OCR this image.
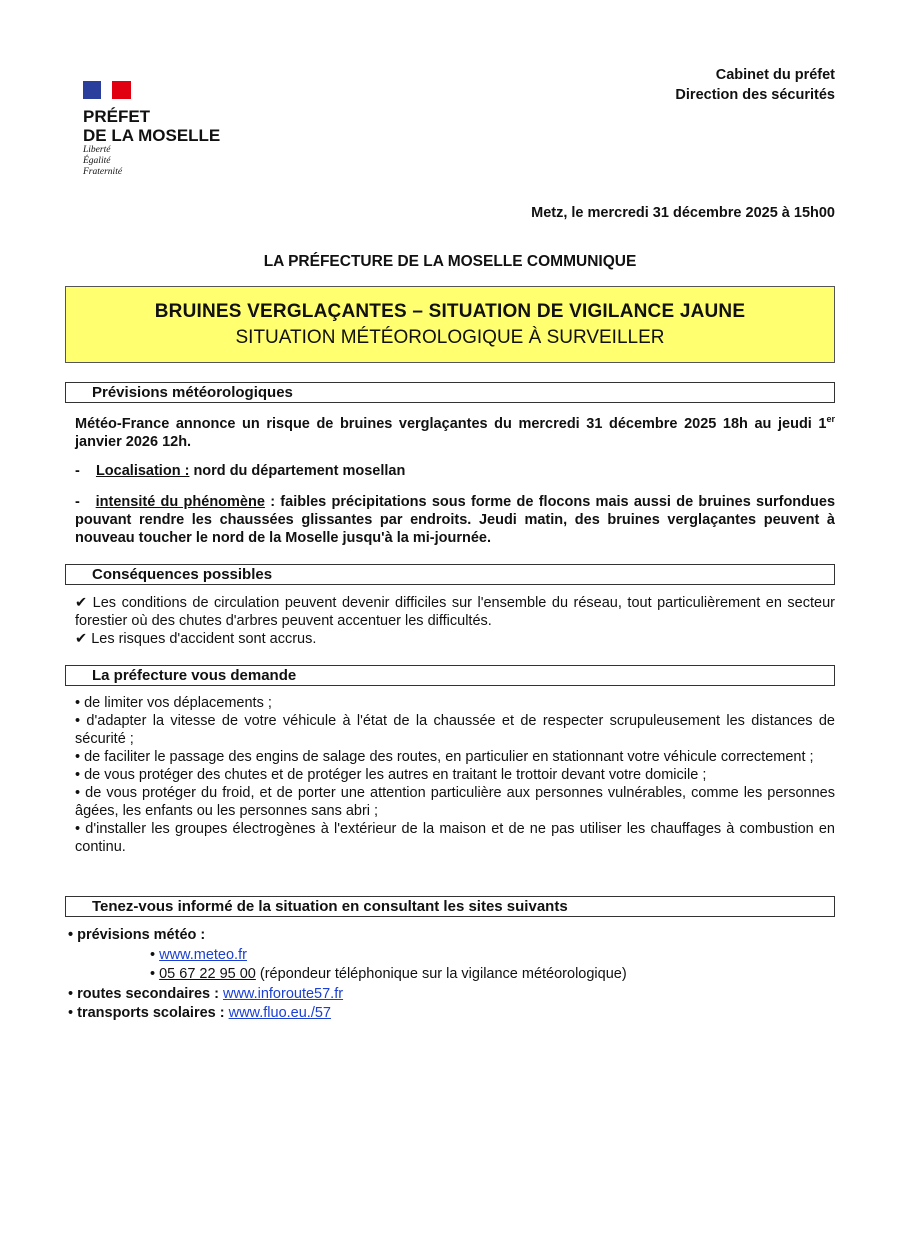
PRÉFET
DE LA MOSELLE
Liberté
Égalité
Fraternité
Cabinet du préfet
Direction des sécurités
Metz, le mercredi 31 décembre 2025 à 15h00
LA PRÉFECTURE DE LA MOSELLE COMMUNIQUE
BRUINES VERGLAÇANTES – SITUATION DE VIGILANCE JAUNE
SITUATION MÉTÉOROLOGIQUE À SURVEILLER
Prévisions météorologiques
Météo-France annonce un risque de bruines verglaçantes du mercredi 31 décembre 2025 18h au jeudi 1er janvier 2026 12h.
-    Localisation : nord du département mosellan
-   intensité du phénomène : faibles précipitations sous forme de flocons mais aussi de bruines surfondues pouvant rendre les chaussées glissantes par endroits. Jeudi matin, des bruines verglaçantes peuvent à nouveau toucher le nord de la Moselle jusqu'à la mi-journée.
Conséquences possibles

✔ Les conditions de circulation peuvent devenir difficiles sur l'ensemble du réseau, tout particulièrement en secteur forestier où des chutes d'arbres peuvent accentuer les difficultés.

✔ Les risques d'accident sont accrus.

La préfecture vous demande

• de limiter vos déplacements ;

• d'adapter la vitesse de votre véhicule à l'état de la chaussée et de respecter scrupuleusement les distances de sécurité ;

• de faciliter le passage des engins de salage des routes, en particulier en stationnant votre véhicule correctement ;

• de vous protéger des chutes et de protéger les autres en traitant le trottoir devant votre domicile ;

• de vous protéger du froid, et de porter une attention particulière aux personnes vulnérables, comme les personnes âgées, les enfants ou les personnes sans abri ;

• d'installer les groupes électrogènes à l'extérieur de la maison et de ne pas utiliser les chauffages à combustion en continu.

Tenez-vous informé de la situation en consultant les sites suivants

• prévisions météo :

• www.meteo.fr

• 05 67 22 95 00 (répondeur téléphonique sur la vigilance météorologique)

• routes secondaires : www.inforoute57.fr

• transports scolaires : www.fluo.eu./57
